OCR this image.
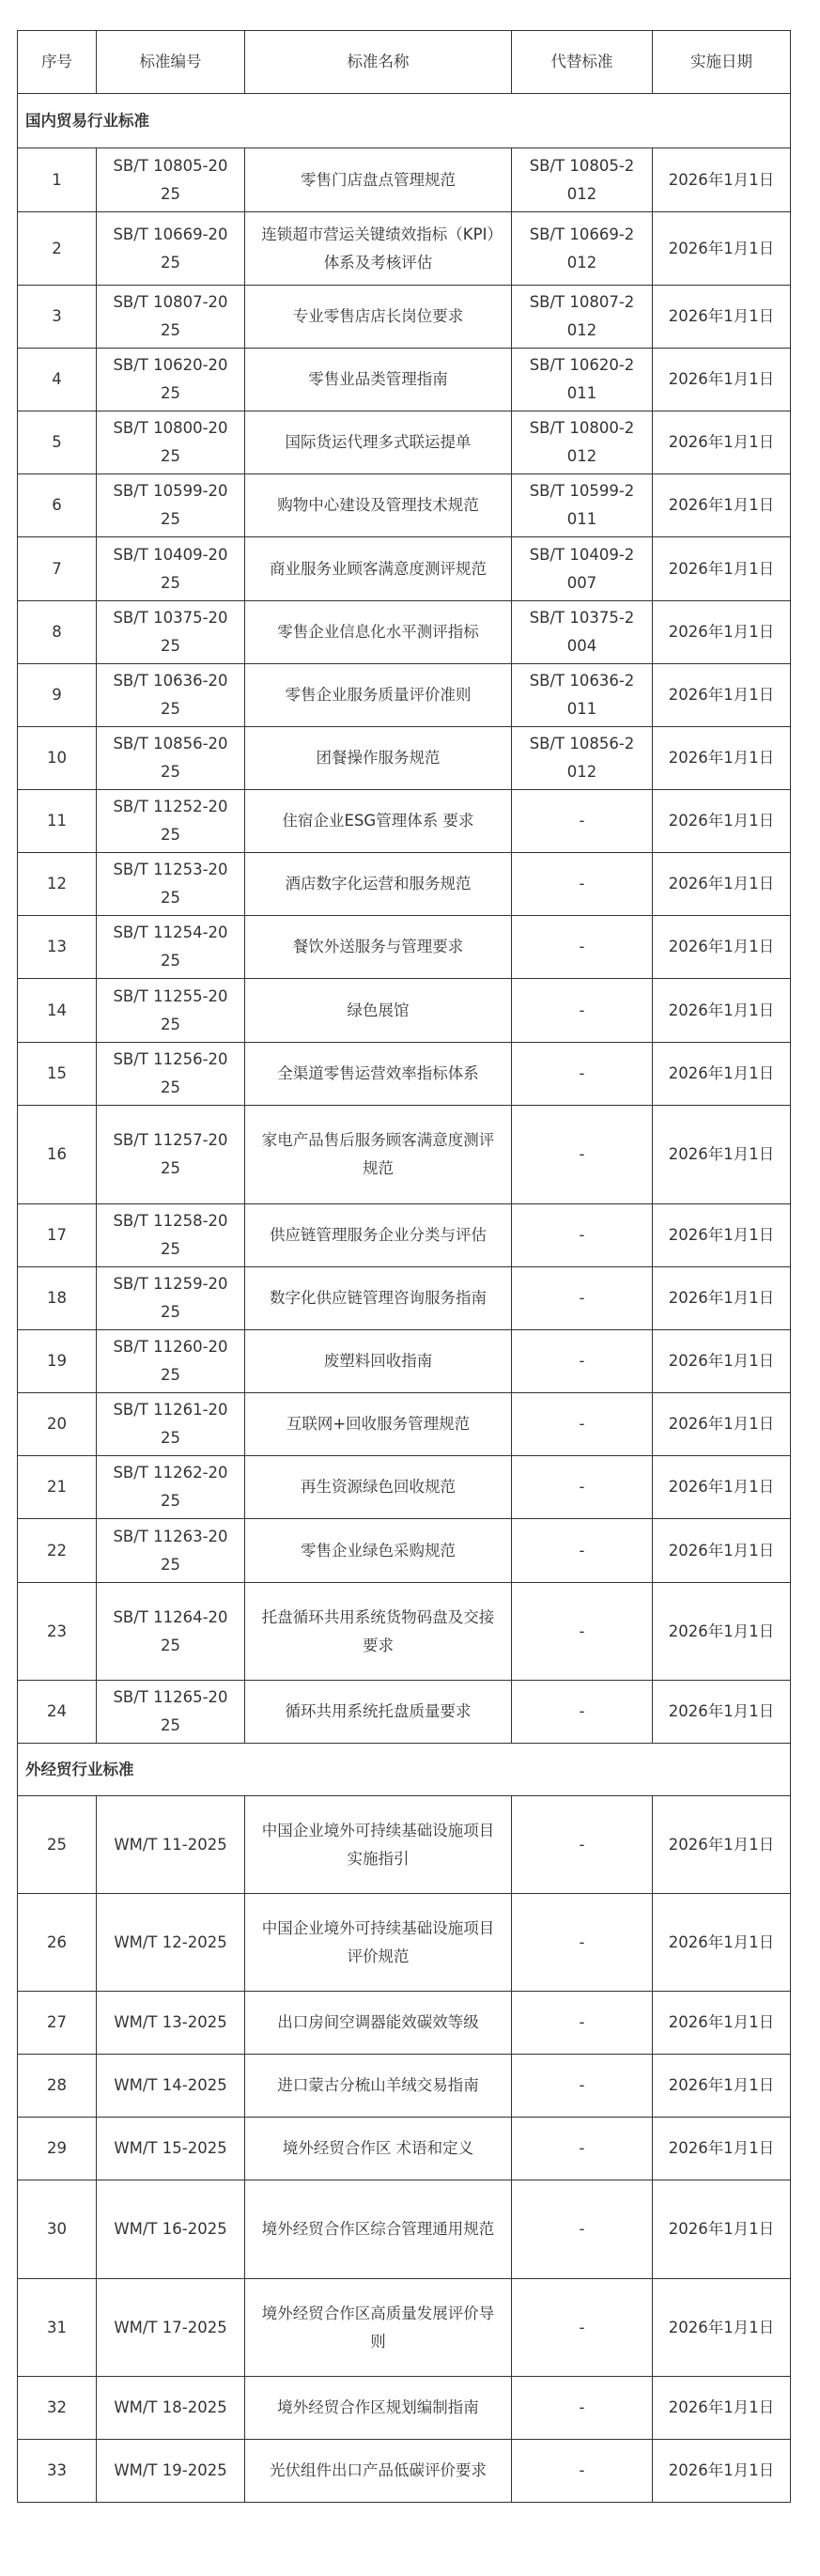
序号	标准编号	标准名称	代替标准	实施日期
国内贸易行业标准				
1	SB/T 10805-2025	零售门店盘点管理规范	SB/T 10805-2012	2026年1月1日
2	SB/T 10669-2025	连锁超市营运关键绩效指标（KPI）体系及考核评估	SB/T 10669-2012	2026年1月1日
3	SB/T 10807-2025	专业零售店店长岗位要求	SB/T 10807-2012	2026年1月1日
4	SB/T 10620-2025	零售业品类管理指南	SB/T 10620-2011	2026年1月1日
5	SB/T 10800-2025	国际货运代理多式联运提单	SB/T 10800-2012	2026年1月1日
6	SB/T 10599-2025	购物中心建设及管理技术规范	SB/T 10599-2011	2026年1月1日
7	SB/T 10409-2025	商业服务业顾客满意度测评规范	SB/T 10409-2007	2026年1月1日
8	SB/T 10375-2025	零售企业信息化水平测评指标	SB/T 10375-2004	2026年1月1日
9	SB/T 10636-2025	零售企业服务质量评价准则	SB/T 10636-2011	2026年1月1日
10	SB/T 10856-2025	团餐操作服务规范	SB/T 10856-2012	2026年1月1日
11	SB/T 11252-2025	住宿企业ESG管理体系 要求	-	2026年1月1日
12	SB/T 11253-2025	酒店数字化运营和服务规范	-	2026年1月1日
13	SB/T 11254-2025	餐饮外送服务与管理要求	-	2026年1月1日
14	SB/T 11255-2025	绿色展馆	-	2026年1月1日
15	SB/T 11256-2025	全渠道零售运营效率指标体系	-	2026年1月1日
16	SB/T 11257-2025	家电产品售后服务顾客满意度测评规范	-	2026年1月1日
17	SB/T 11258-2025	供应链管理服务企业分类与评估	-	2026年1月1日
18	SB/T 11259-2025	数字化供应链管理咨询服务指南	-	2026年1月1日
19	SB/T 11260-2025	废塑料回收指南	-	2026年1月1日
20	SB/T 11261-2025	互联网+回收服务管理规范	-	2026年1月1日
21	SB/T 11262-2025	再生资源绿色回收规范	-	2026年1月1日
22	SB/T 11263-2025	零售企业绿色采购规范	-	2026年1月1日
23	SB/T 11264-2025	托盘循环共用系统货物码盘及交接要求	-	2026年1月1日
24	SB/T 11265-2025	循环共用系统托盘质量要求	-	2026年1月1日
外经贸行业标准				
25	WM/T 11-2025	中国企业境外可持续基础设施项目实施指引	-	2026年1月1日
26	WM/T 12-2025	中国企业境外可持续基础设施项目评价规范	-	2026年1月1日
27	WM/T 13-2025	出口房间空调器能效碳效等级	-	2026年1月1日
28	WM/T 14-2025	进口蒙古分梳山羊绒交易指南	-	2026年1月1日
29	WM/T 15-2025	境外经贸合作区 术语和定义	-	2026年1月1日
30	WM/T 16-2025	境外经贸合作区综合管理通用规范	-	2026年1月1日
31	WM/T 17-2025	境外经贸合作区高质量发展评价导则	-	2026年1月1日
32	WM/T 18-2025	境外经贸合作区规划编制指南	-	2026年1月1日
33	WM/T 19-2025	光伏组件出口产品低碳评价要求	-	2026年1月1日
